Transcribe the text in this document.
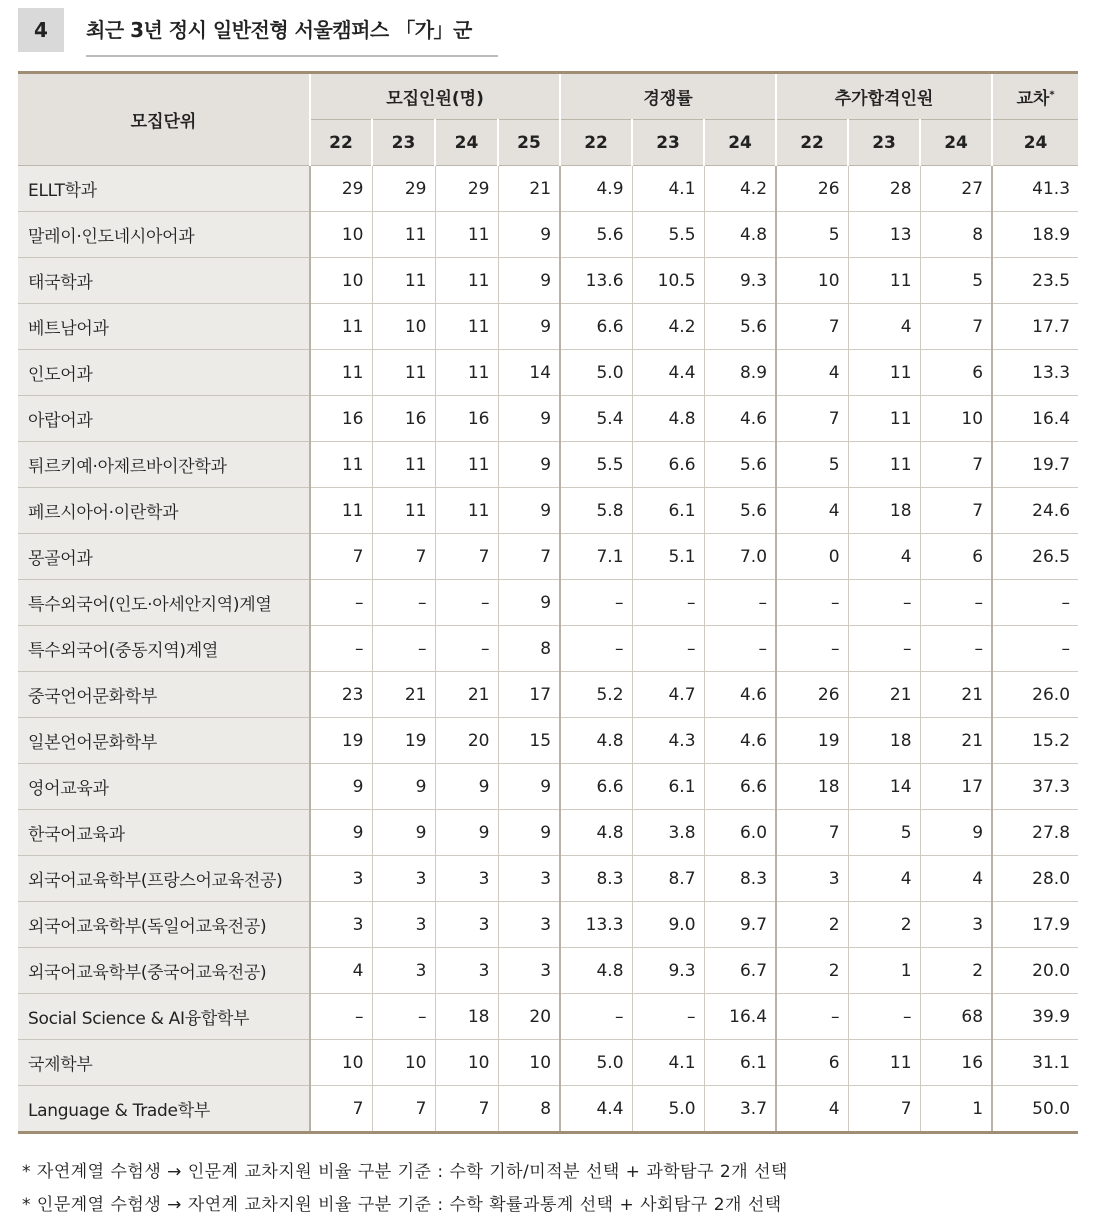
4	최근 3년 정시 일반전형 서울캠퍼스 「가」군
모집단위	모집인원(명)				경쟁률			추가합격인원			교차*
	22	23	24	25	22	23	24	22	23	24	24
ELLT학과	29	29	29	21	4.9	4.1	4.2	26	28	27	41.3
말레이·인도네시아어과	10	11	11	9	5.6	5.5	4.8	5	13	8	18.9
태국학과	10	11	11	9	13.6	10.5	9.3	10	11	5	23.5
베트남어과	11	10	11	9	6.6	4.2	5.6	7	4	7	17.7
인도어과	11	11	11	14	5.0	4.4	8.9	4	11	6	13.3
아랍어과	16	16	16	9	5.4	4.8	4.6	7	11	10	16.4
튀르키예·아제르바이잔학과	11	11	11	9	5.5	6.6	5.6	5	11	7	19.7
페르시아어·이란학과	11	11	11	9	5.8	6.1	5.6	4	18	7	24.6
몽골어과	7	7	7	7	7.1	5.1	7.0	0	4	6	26.5
특수외국어(인도·아세안지역)계열	–	–	–	9	–	–	–	–	–	–	–
특수외국어(중동지역)계열	–	–	–	8	–	–	–	–	–	–	–
중국언어문화학부	23	21	21	17	5.2	4.7	4.6	26	21	21	26.0
일본언어문화학부	19	19	20	15	4.8	4.3	4.6	19	18	21	15.2
영어교육과	9	9	9	9	6.6	6.1	6.6	18	14	17	37.3
한국어교육과	9	9	9	9	4.8	3.8	6.0	7	5	9	27.8
외국어교육학부(프랑스어교육전공)	3	3	3	3	8.3	8.7	8.3	3	4	4	28.0
외국어교육학부(독일어교육전공)	3	3	3	3	13.3	9.0	9.7	2	2	3	17.9
외국어교육학부(중국어교육전공)	4	3	3	3	4.8	9.3	6.7	2	1	2	20.0
Social Science & AI융합학부	–	–	18	20	–	–	16.4	–	–	68	39.9
국제학부	10	10	10	10	5.0	4.1	6.1	6	11	16	31.1
Language & Trade학부	7	7	7	8	4.4	5.0	3.7	4	7	1	50.0
* 자연계열 수험생 → 인문계 교차지원 비율 구분 기준 : 수학 기하/미적분 선택 + 과학탐구 2개 선택
* 인문계열 수험생 → 자연계 교차지원 비율 구분 기준 : 수학 확률과통계 선택 + 사회탐구 2개 선택
